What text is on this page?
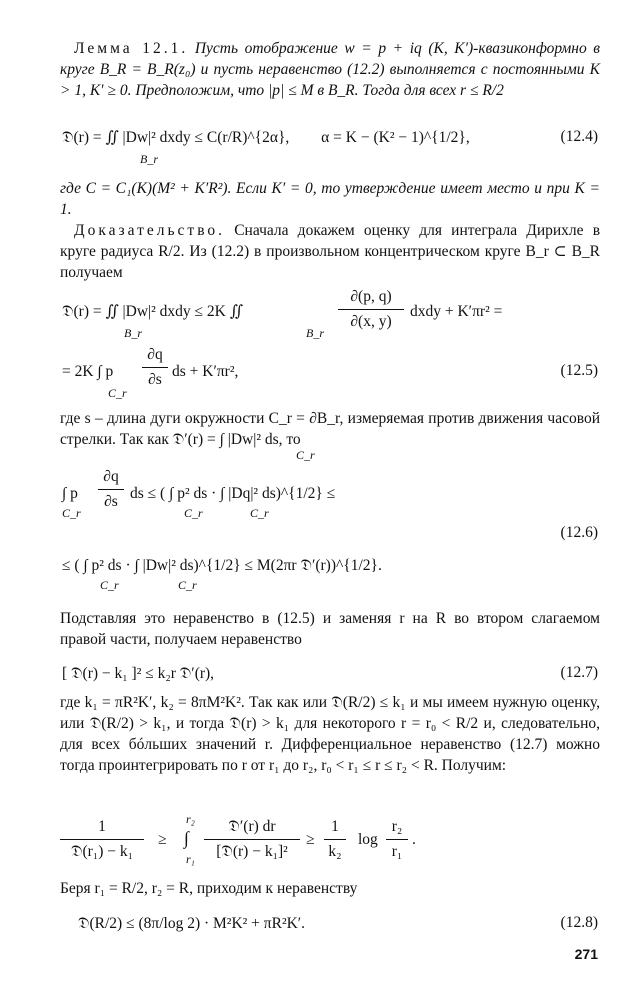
Лемма 12.1. Пусть отображение w = p + iq (K, K′)-квазиконформно в круге B_R = B_R(z₀) и пусть неравенство (12.2) выполняется с постоянными K > 1, K′ ≥ 0. Предположим, что |p| ≤ M в B_R. Тогда для всех r ≤ R/2

𝔇(r) = ∬ |Dw|² dxdy ≤ C(r/R)^{2α}, α = K − (K² − 1)^{1/2},
B_r
(12.4)

где C = C₁(K)(M² + K′R²). Если K′ = 0, то утверждение имеет место и при K = 1.

Доказательство. Сначала докажем оценку для интеграла Дирихле в круге радиуса R/2. Из (12.2) в произвольном концентрическом круге B_r ⊂ B_R получаем

𝔇(r) = ∬ |Dw|² dxdy ≤ 2K ∬
B_r	B_r
∂(p, q)
∂(x, y)
dxdy + K′πr² =
= 2K ∫ p
C_r
∂q
∂s ds + K′πr²,	(12.5)

где s – длина дуги окружности C_r = ∂B_r, измеряемая против движения часовой стрелки. Так как 𝔇′(r) = ∫ |Dw|² ds, то

C_r
∫ p
∂q
∂s ds ≤ ( ∫ p² ds · ∫ |Dq|² ds)^{1/2} ≤
C_r	C_r	C_r
(12.6)
≤ ( ∫ p² ds · ∫ |Dw|² ds)^{1/2} ≤ M(2πr 𝔇′(r))^{1/2}.
C_r	C_r

Подставляя это неравенство в (12.5) и заменяя r на R во втором слагаемом правой части, получаем неравенство

[ 𝔇(r) − k₁ ]² ≤ k₂r 𝔇′(r),	(12.7)

где k₁ = πR²K′, k₂ = 8πM²K². Так как или 𝔇(R/2) ≤ k₁ и мы имеем нужную оценку, или 𝔇(R/2) > k₁, и тогда 𝔇(r) > k₁ для некоторого r = r₀ < R/2 и, следовательно, для всех бóльших значений r. Дифференциальное неравенство (12.7) можно тогда проинтегрировать по r от r₁ до r₂, r₀ < r₁ ≤ r ≤ r₂ < R. Получим:

1
𝔇(r₁) − k₁
≥
r₂
∫
r₁
𝔇′(r) dr
[𝔇(r) − k₁]²
≥
1
k₂
log
r₂
r₁
.

Беря r₁ = R/2, r₂ = R, приходим к неравенству

𝔇(R/2) ≤ (8π/log 2) · M²K² + πR²K′.	(12.8)
271
